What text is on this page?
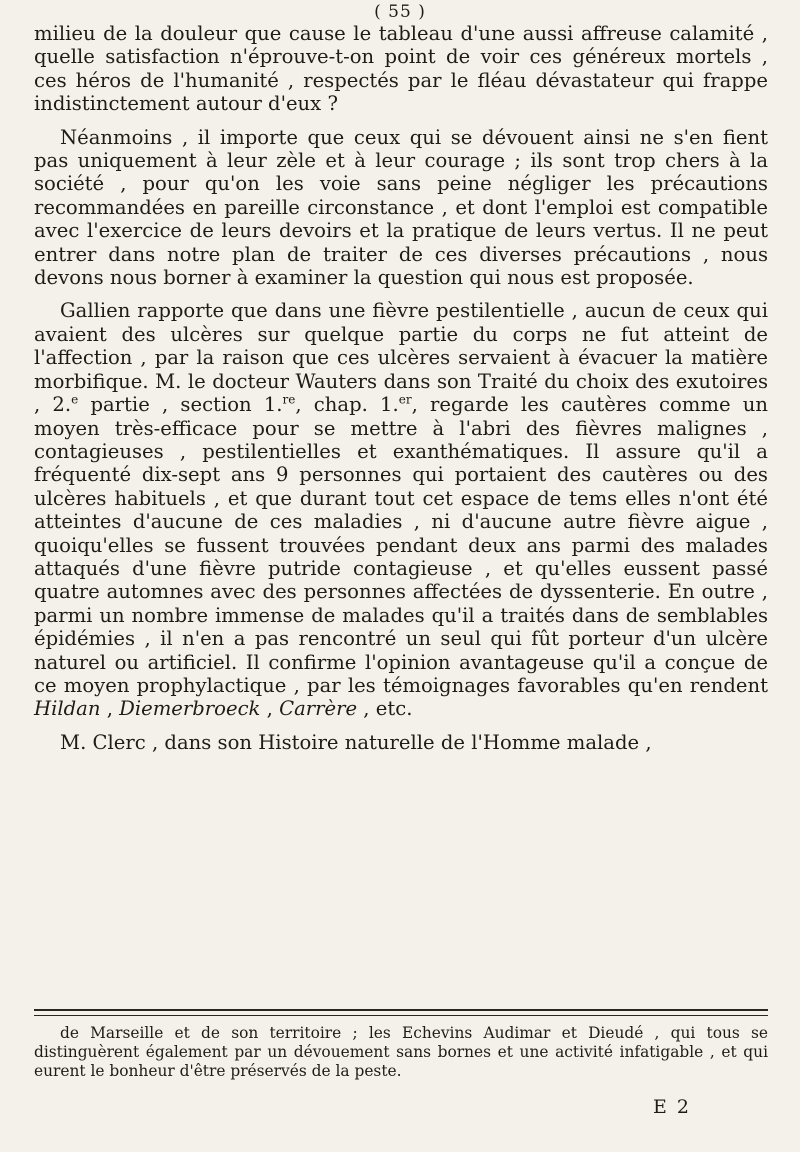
( 55 )

milieu de la douleur que cause le tableau d'une aussi affreuse calamité , quelle satisfaction n'éprouve-t-on point de voir ces généreux mortels , ces héros de l'humanité , respectés par le fléau dévastateur qui frappe indistinctement autour d'eux ?

Néanmoins , il importe que ceux qui se dévouent ainsi ne s'en fient pas uniquement à leur zèle et à leur courage ; ils sont trop chers à la société , pour qu'on les voie sans peine négliger les précautions recommandées en pareille circonstance , et dont l'emploi est compatible avec l'exercice de leurs devoirs et la pratique de leurs vertus. Il ne peut entrer dans notre plan de traiter de ces diverses précautions , nous devons nous borner à examiner la question qui nous est proposée.

Gallien rapporte que dans une fièvre pestilentielle , aucun de ceux qui avaient des ulcères sur quelque partie du corps ne fut atteint de l'affection , par la raison que ces ulcères servaient à évacuer la matière morbifique. M. le docteur Wauters dans son Traité du choix des exutoires , 2.$^e$ partie , section 1.$^{re}$, chap. 1.$^{er}$, regarde les cautères comme un moyen très-efficace pour se mettre à l'abri des fièvres malignes , contagieuses , pestilentielles et exanthématiques. Il assure qu'il a fréquenté dix-sept ans 9 personnes qui portaient des cautères ou des ulcères habituels , et que durant tout cet espace de tems elles n'ont été atteintes d'aucune de ces maladies , ni d'aucune autre fièvre aigue , quoiqu'elles se fussent trouvées pendant deux ans parmi des malades attaqués d'une fièvre putride contagieuse , et qu'elles eussent passé quatre automnes avec des personnes affectées de dyssenterie. En outre , parmi un nombre immense de malades qu'il a traités dans de semblables épidémies , il n'en a pas rencontré un seul qui fût porteur d'un ulcère naturel ou artificiel. Il confirme l'opinion avantageuse qu'il a conçue de ce moyen prophylactique , par les témoignages favorables qu'en rendent Hildan , Diemerbroeck , Carrère , etc.

M. Clerc , dans son Histoire naturelle de l'Homme malade ,

de Marseille et de son territoire ; les Echevins Audimar et Dieudé , qui tous se distinguèrent également par un dévouement sans bornes et une activité infatigable , et qui eurent le bonheur d'être préservés de la peste.
E 2
